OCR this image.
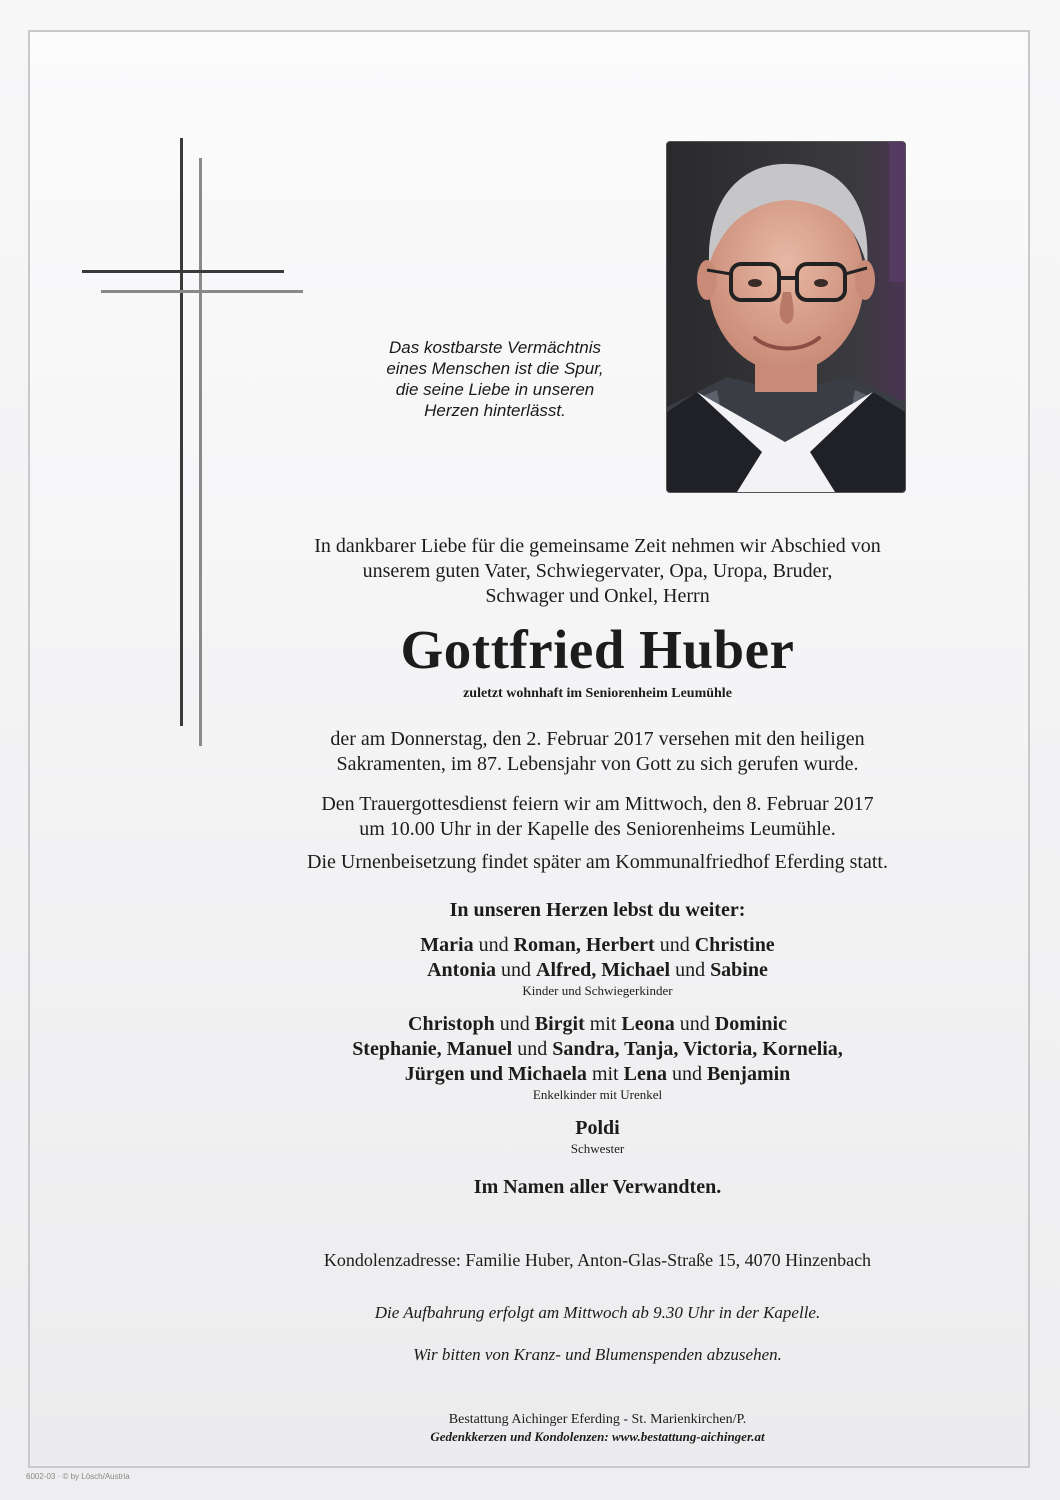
Das kostbarste Vermächtnis
eines Menschen ist die Spur,
die seine Liebe in unseren
Herzen hinterlässt.
In dankbarer Liebe für die gemeinsame Zeit nehmen wir Abschied von
unserem guten Vater, Schwiegervater, Opa, Uropa, Bruder,
Schwager und Onkel, Herrn
Gottfried Huber
zuletzt wohnhaft im Seniorenheim Leumühle
der am Donnerstag, den 2. Februar 2017 versehen mit den heiligen
Sakramenten, im 87. Lebensjahr von Gott zu sich gerufen wurde.
Den Trauergottesdienst feiern wir am Mittwoch, den 8. Februar 2017
um 10.00 Uhr in der Kapelle des Seniorenheims Leumühle.
Die Urnenbeisetzung findet später am Kommunalfriedhof Eferding statt.
In unseren Herzen lebst du weiter:
Maria und Roman, Herbert und Christine
Antonia und Alfred, Michael und Sabine
Kinder und Schwiegerkinder
Christoph und Birgit mit Leona und Dominic
Stephanie, Manuel und Sandra, Tanja, Victoria, Kornelia,
Jürgen und Michaela mit Lena und Benjamin
Enkelkinder mit Urenkel
Poldi
Schwester
Im Namen aller Verwandten.
Kondolenzadresse: Familie Huber, Anton-Glas-Straße 15, 4070 Hinzenbach
Die Aufbahrung erfolgt am Mittwoch ab 9.30 Uhr in der Kapelle.
Wir bitten von Kranz- und Blumenspenden abzusehen.
Bestattung Aichinger Eferding - St. Marienkirchen/P.
Gedenkkerzen und Kondolenzen: www.bestattung-aichinger.at
6002-03 · © by Lösch/Austria
